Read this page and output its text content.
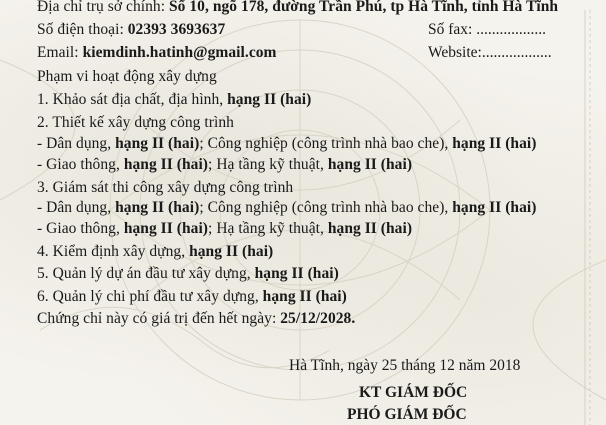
Địa chỉ trụ sở chính: Số 10, ngõ 178, đường Trần Phú, tp Hà Tĩnh, tỉnh Hà Tĩnh
Số điện thoại: 02393 3693637	Số fax: ..................
Email: kiemdinh.hatinh@gmail.com	Website:..................
Phạm vi hoạt động xây dựng
1. Khảo sát địa chất, địa hình, hạng II (hai)
2. Thiết kế xây dựng công trình
- Dân dụng, hạng II (hai); Công nghiệp (công trình nhà bao che), hạng II (hai)
- Giao thông, hạng II (hai); Hạ tầng kỹ thuật, hạng II (hai)
3. Giám sát thi công xây dựng công trình
- Dân dụng, hạng II (hai); Công nghiệp (công trình nhà bao che), hạng II (hai)
- Giao thông, hạng II (hai); Hạ tầng kỹ thuật, hạng II (hai)
4. Kiểm định xây dựng, hạng II (hai)
5. Quản lý dự án đầu tư xây dựng, hạng II (hai)
6. Quản lý chi phí đầu tư xây dựng, hạng II (hai)
Chứng chỉ này có giá trị đến hết ngày: 25/12/2028.
Hà Tĩnh, ngày 25 tháng 12 năm 2018
KT GIÁM ĐỐC
PHÓ GIÁM ĐỐC
